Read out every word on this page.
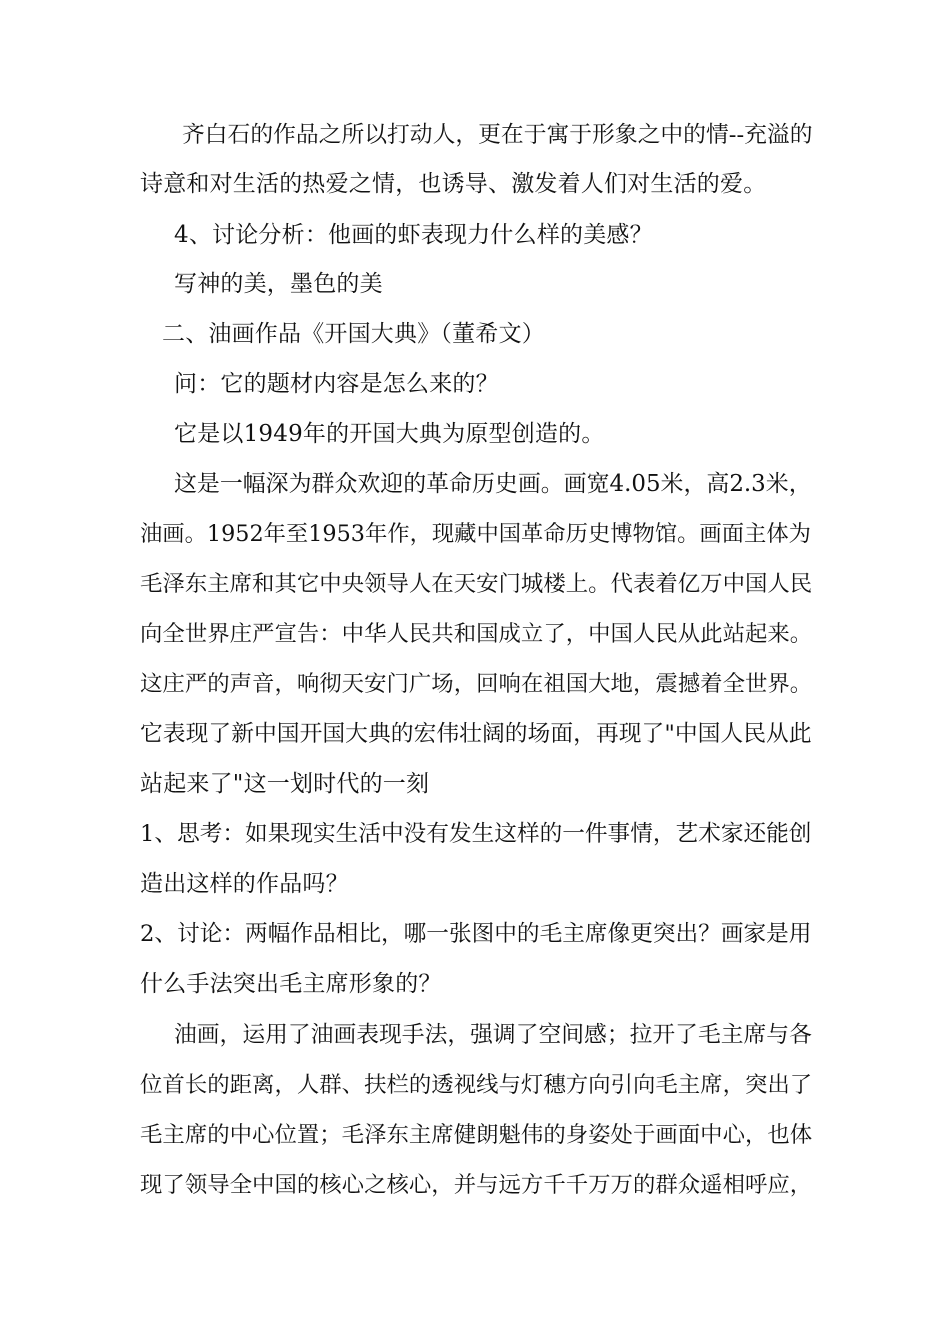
齐白石的作品之所以打动人，更在于寓于形象之中的情--充溢的
诗意和对生活的热爱之情，也诱导、激发着人们对生活的爱。
4、讨论分析：他画的虾表现力什么样的美感？
写神的美，墨色的美
二、油画作品《开国大典》（董希文）
问：它的题材内容是怎么来的？
它是以1949年的开国大典为原型创造的。
这是一幅深为群众欢迎的革命历史画。画宽4.05米，高2.3米，
油画。1952年至1953年作，现藏中国革命历史博物馆。画面主体为
毛泽东主席和其它中央领导人在天安门城楼上。代表着亿万中国人民
向全世界庄严宣告：中华人民共和国成立了，中国人民从此站起来。
这庄严的声音，响彻天安门广场，回响在祖国大地，震撼着全世界。
它表现了新中国开国大典的宏伟壮阔的场面，再现了"中国人民从此
站起来了"这一划时代的一刻
1、思考：如果现实生活中没有发生这样的一件事情，艺术家还能创
造出这样的作品吗？
2、讨论：两幅作品相比，哪一张图中的毛主席像更突出？画家是用
什么手法突出毛主席形象的？
油画，运用了油画表现手法，强调了空间感；拉开了毛主席与各
位首长的距离，人群、扶栏的透视线与灯穗方向引向毛主席，突出了
毛主席的中心位置；毛泽东主席健朗魁伟的身姿处于画面中心，也体
现了领导全中国的核心之核心，并与远方千千万万的群众遥相呼应，
